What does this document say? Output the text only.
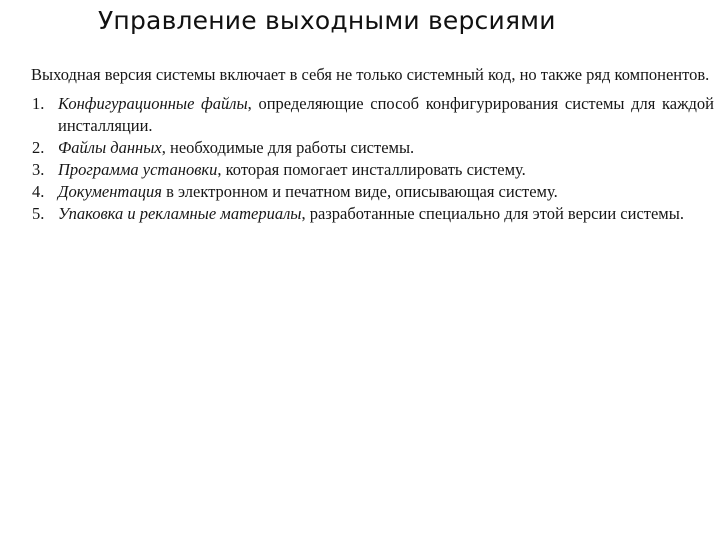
Управление выходными версиями

Выходная версия системы включает в себя не только системный код, но также ряд компонентов.

1. Конфигурационные файлы, определяющие способ конфигурирования системы для каждой инсталляции.
2. Файлы данных, необходимые для работы системы.
3. Программа установки, которая помогает инсталлировать систему.
4. Документация в электронном и печатном виде, описывающая систему.
5. Упаковка и рекламные материалы, разработанные специально для этой версии системы.
